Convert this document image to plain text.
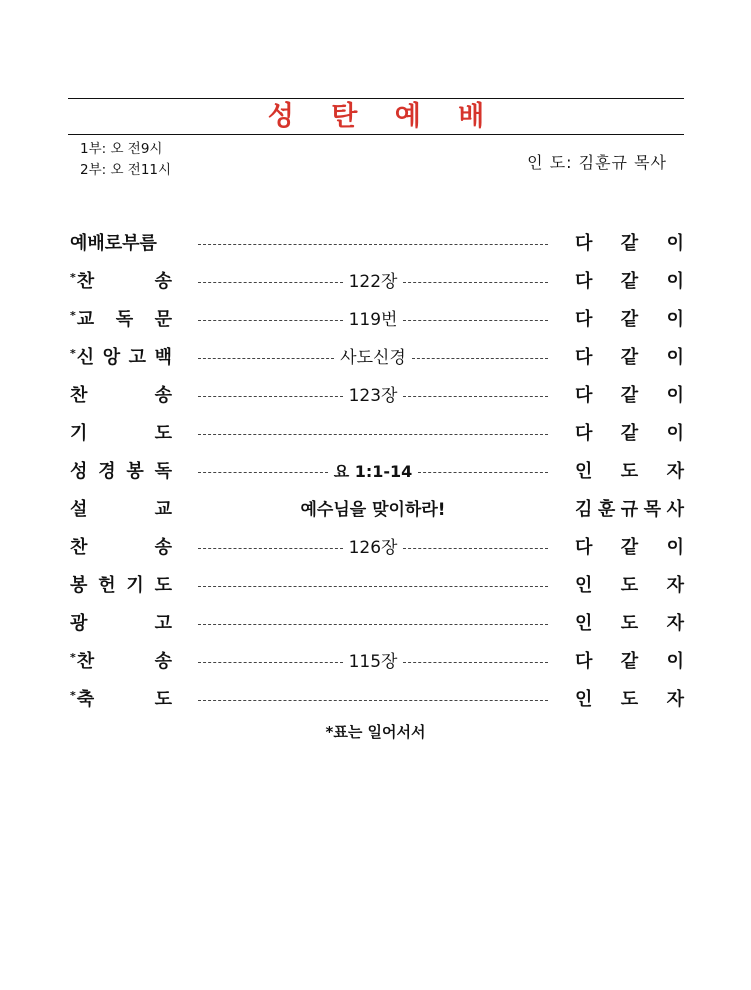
성 탄 예 배
1부: 오 전9시
2부: 오 전11시	인 도: 김훈규 목사
예배로부름	다 같 이
*찬	송	122장	다 같 이
*교 독 문	119번	다 같 이
*신 앙 고 백	사도신경	다 같 이
찬	송	123장	다 같 이
기	도	다 같 이
성 경 봉 독	요 1:1-14	인 도 자
설	교	예수님을 맞이하라!	김 훈 규 목 사
찬	송	126장	다 같 이
봉 헌 기 도	인 도 자
광	고	인 도 자
*찬	송	115장	다 같 이
*축	도	인 도 자
*표는 일어서서
